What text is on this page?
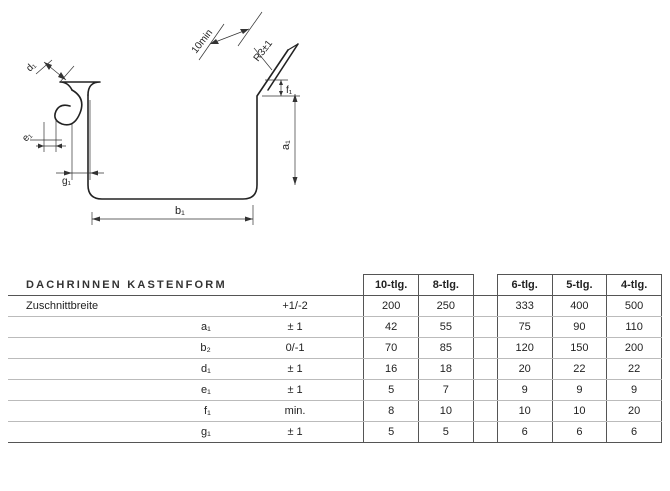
b₁
a₁
f₁
10min	R3±1
d₁
e₁
g₁
DACHRINNEN KASTENFORM		10-tlg.	8-tlg.		6-tlg.	5-tlg.	4-tlg.
Zuschnittbreite	+1/-2	200	250		333	400	500
a₁	± 1	42	55		75	90	110
b₂	0/-1	70	85		120	150	200
d₁	± 1	16	18		20	22	22
e₁	± 1	5	7		9	9	9
f₁	min.	8	10		10	10	20
g₁	± 1	5	5		6	6	6
